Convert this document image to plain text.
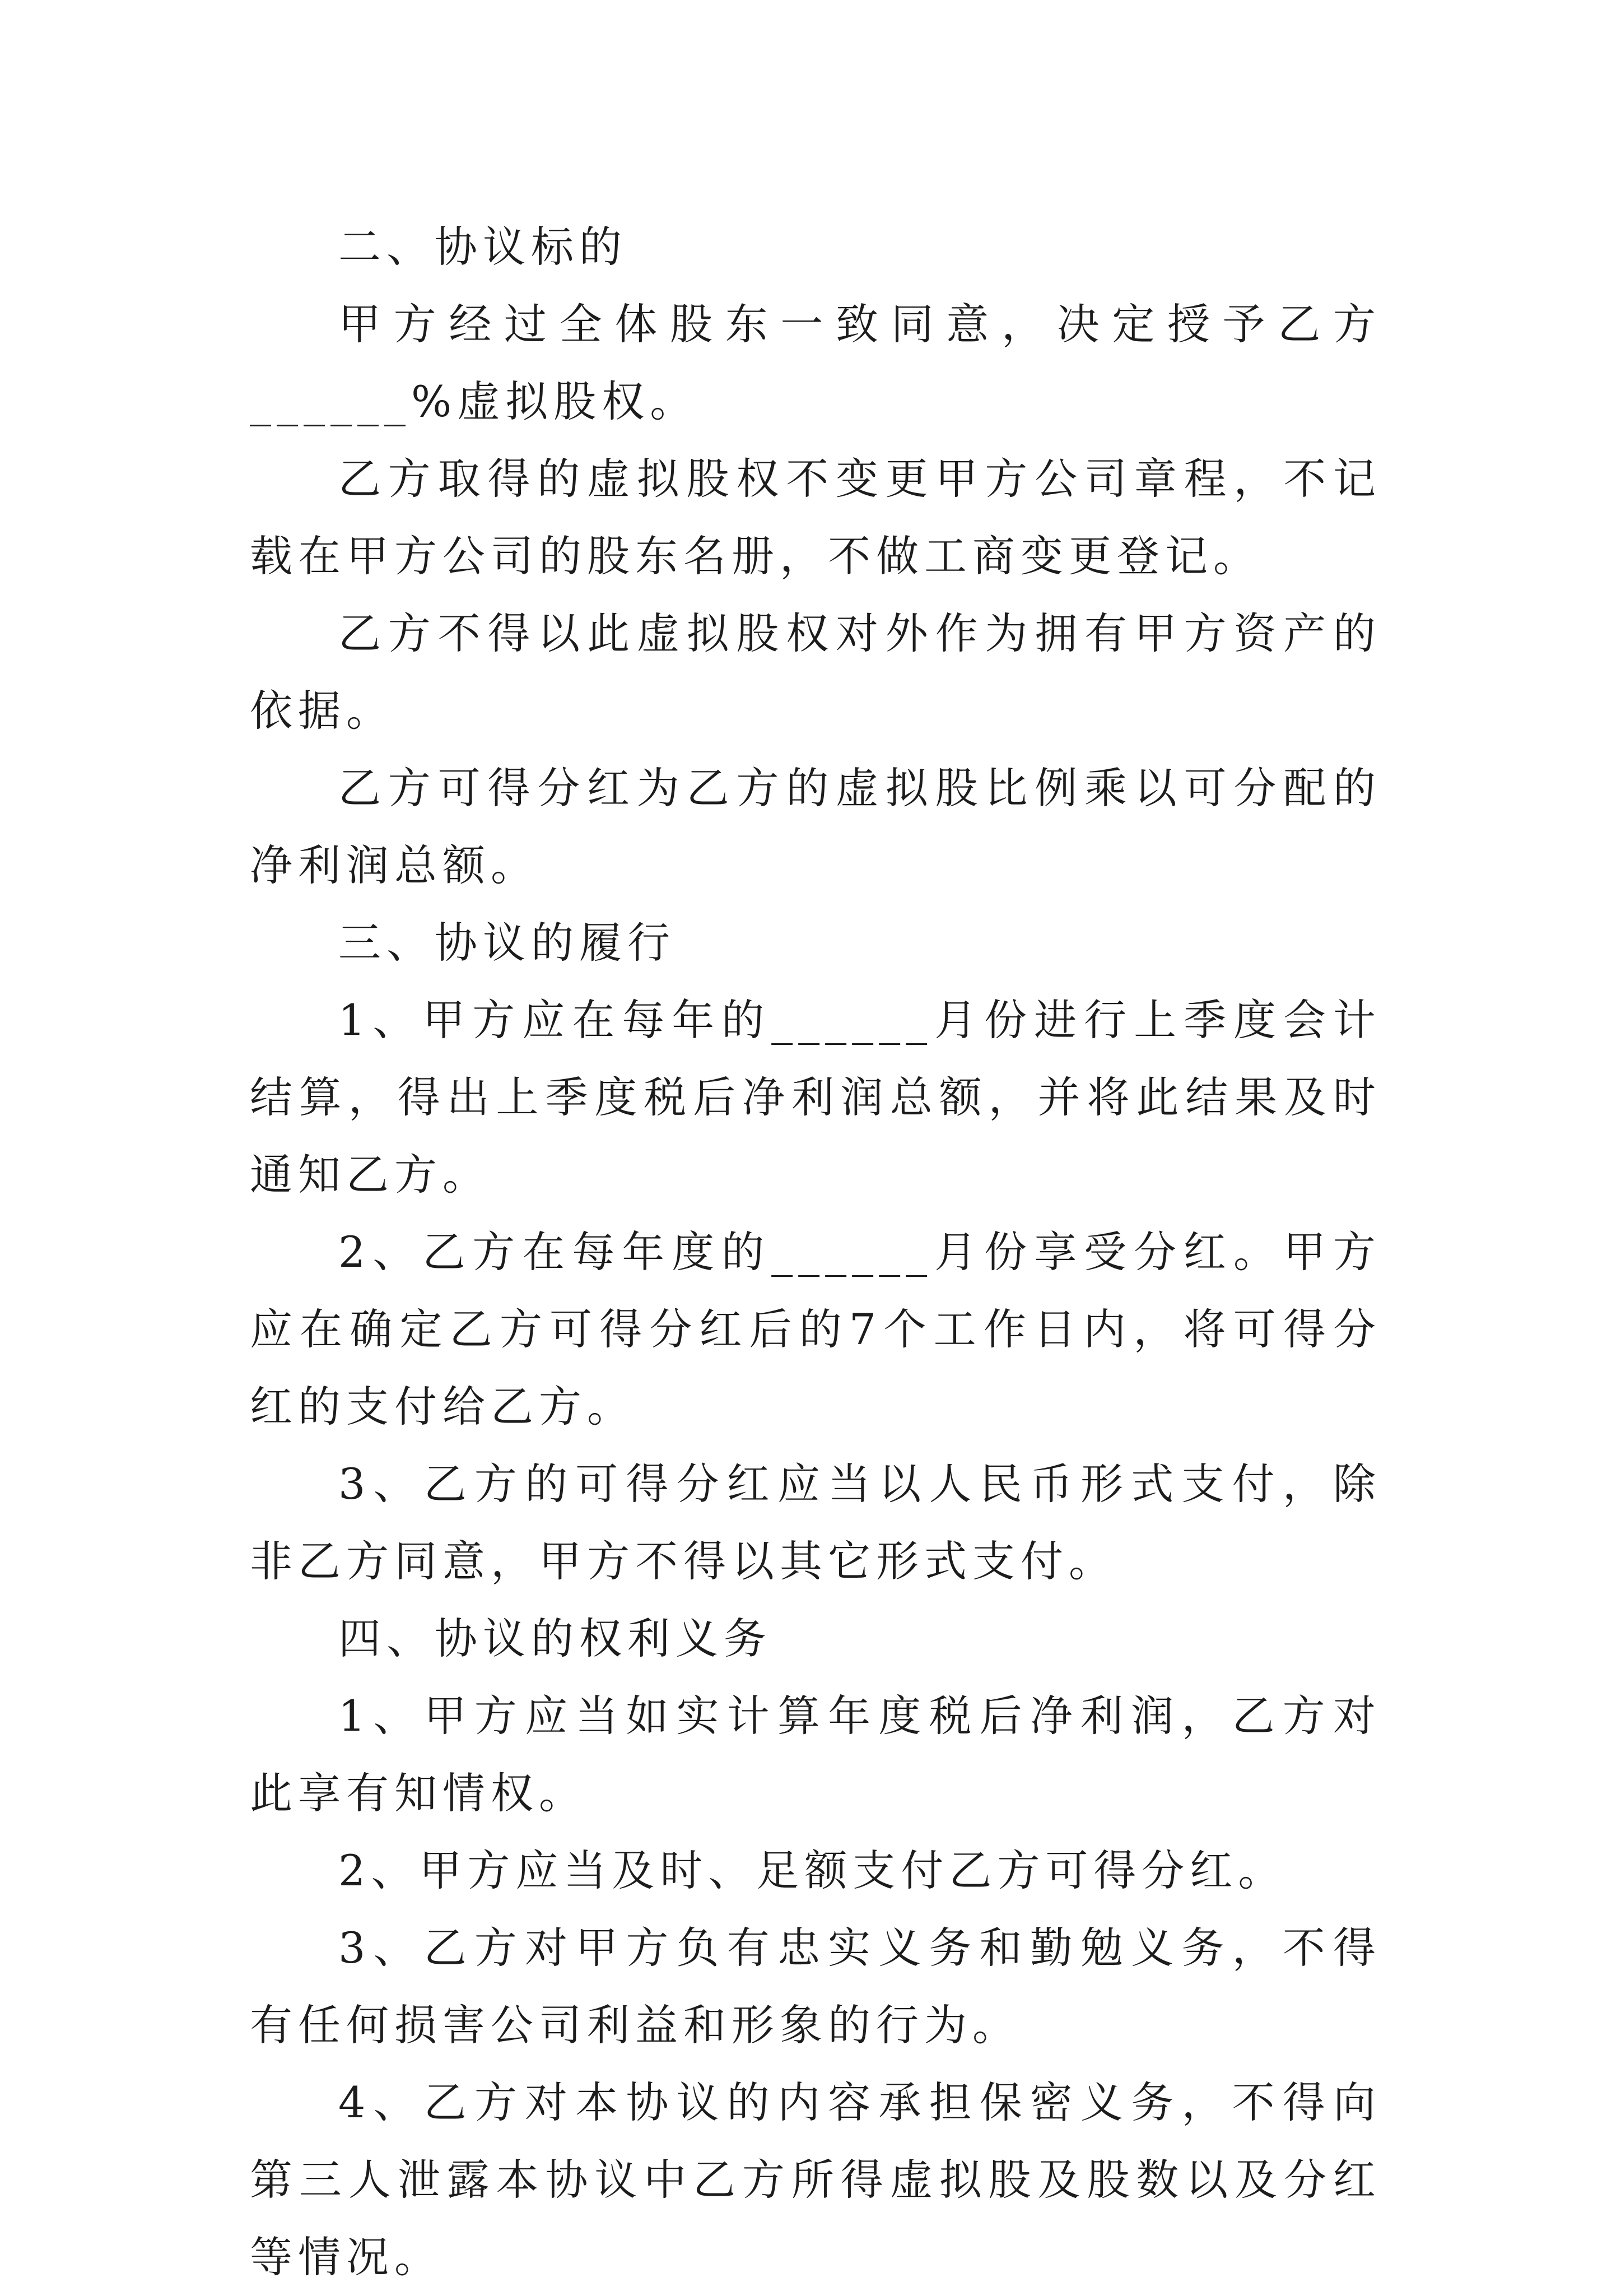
二、协议标的

甲方经过全体股东一致同意，决定授予乙方______%虚拟股权。

乙方取得的虚拟股权不变更甲方公司章程，不记载在甲方公司的股东名册，不做工商变更登记。

乙方不得以此虚拟股权对外作为拥有甲方资产的依据。

乙方可得分红为乙方的虚拟股比例乘以可分配的净利润总额。

三、协议的履行

1、甲方应在每年的______月份进行上季度会计结算，得出上季度税后净利润总额，并将此结果及时通知乙方。

2、乙方在每年度的______月份享受分红。甲方应在确定乙方可得分红后的7个工作日内，将可得分红的支付给乙方。

3、乙方的可得分红应当以人民币形式支付，除非乙方同意，甲方不得以其它形式支付。

四、协议的权利义务

1、甲方应当如实计算年度税后净利润，乙方对此享有知情权。

2、甲方应当及时、足额支付乙方可得分红。

3、乙方对甲方负有忠实义务和勤勉义务，不得有任何损害公司利益和形象的行为。

4、乙方对本协议的内容承担保密义务，不得向第三人泄露本协议中乙方所得虚拟股及股数以及分红等情况。
